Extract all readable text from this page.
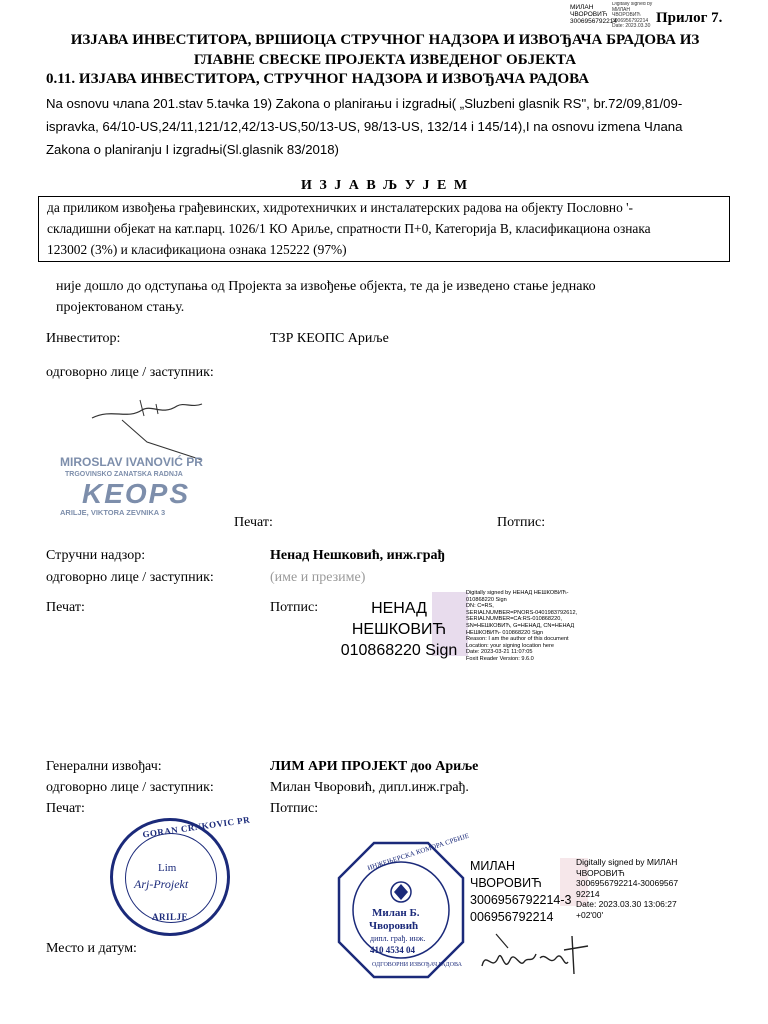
МИЛАН
ЧВОРОВИЋ
3006956792214
Digitally signed by МИЛАН ЧВОРОВИЋ 3006956792214 Date: 2023.03.30 Прилог 7.
ИЗЈАВА ИНВЕСТИТОРА, ВРШИОЦА СТРУЧНОГ НАДЗОРА И ИЗВОЂАЧА БРАДОВА ИЗ
ГЛАВНЕ СВЕСКЕ ПРОЈЕКТА ИЗВЕДЕНОГ ОБЈЕКТА
0.11. ИЗЈАВА ИНВЕСТИТОРА, СТРУЧНОГ НАДЗОРА И ИЗВОЂАЧА РАДОВА
Na osnovu члana 201.stav 5.taчka 19) Zakona o planiraњu i izgradњi( „Sluzbeni glasnik RS", br.72/09,81/09-
ispravka, 64/10-US,24/11,121/12,42/13-US,50/13-US, 98/13-US, 132/14 i 145/14),I na osnovu izmena Члana
Zakona o planiranju I izgradњi(Sl.glasnik 83/2018)
И З Ј А В Љ У Ј Е М
да приликом извођења грађевинских, хидротехничких и инсталатерских радова на објекту Пословно '-
складишни објекат на кат.парц. 1026/1 КО Ариље, спратности П+0, Категорија В, класификациона ознака
123002 (3%) и класификациона ознака 125222 (97%)
није дошло до одступања од Пројекта за извођење објекта, те да је изведено стање једнако
пројектованом стању.
Инвеститор:	ТЗР КЕОПС Ариље
одговорно лице / заступник:
MIROSLAV IVANOVIĆ PR
TRGOVINSKO ZANATSKA RADNJA
KEOPS
ARILJE, VIKTORA ZEVNIKA 3
Печат:	Потпис:
Стручни надзор:	Ненад Нешковић, инж.грађ
одговорно лице / заступник:	(име и презиме)
Печат:	Потпис:	НЕНАД
НЕШКОВИЋ
010868220 Sign
Digitally signed by НЕНАД НЕШКОВИЋ-
010868220 Sign
DN: C=RS,
SERIALNUMBER=PNORS-0401983792612,
SERIALNUMBER=CA:RS-010868220,
SN=НЕШКОВИЋ, G=НЕНАД, CN=НЕНАД
НЕШКОВИЋ- 010868220 Sign
Reason: I am the author of this document
Location: your signing location here
Date: 2023-03-21 11:07:05
Foxit Reader Version: 9.6.0
Генерални извођач:	ЛИМ АРИ ПРОЈЕКТ доо Ариље
одговорно лице / заступник:	Милан Чворовић, дипл.инж.грађ.
Печат:	Потпис:
GORAN CRNKOVIC PR
Lim
Arj-Projekt
ARILJE
ИНЖЕЊЕРСКА КОМОРА СРБИЈЕ
Милан Б.
Чворовић
дипл. грађ. инж.
410 4534 04
ОДГОВОРНИ ИЗВОЂАЧ РАДОВА
МИЛАН
ЧВОРОВИЋ
3006956792214-3
006956792214
Digitally signed by МИЛАН
ЧВОРОВИЋ
3006956792214-30069567
92214
Date: 2023.03.30 13:06:27
+02'00'
Место и датум:
